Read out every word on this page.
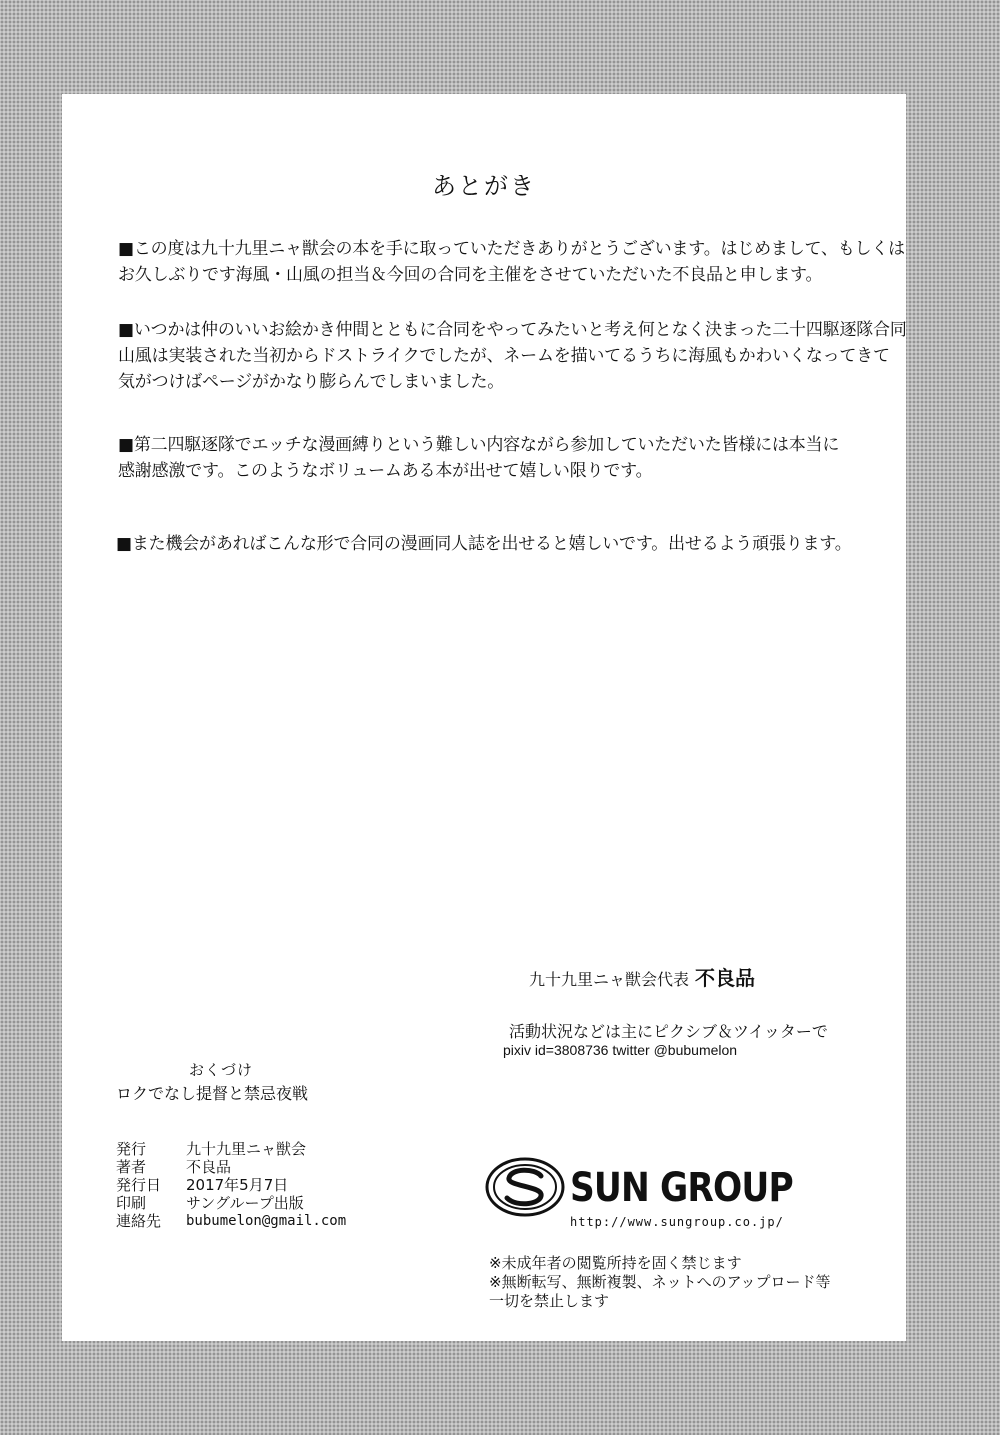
あとがき
■この度は九十九里ニャ獣会の本を手に取っていただきありがとうございます。はじめまして、もしくは
お久しぶりです海風・山風の担当＆今回の合同を主催をさせていただいた不良品と申します。
■いつかは仲のいいお絵かき仲間とともに合同をやってみたいと考え何となく決まった二十四駆逐隊合同
山風は実装された当初からドストライクでしたが、ネームを描いてるうちに海風もかわいくなってきて
気がつけばページがかなり膨らんでしまいました。
■第二四駆逐隊でエッチな漫画縛りという難しい内容ながら参加していただいた皆様には本当に
感謝感激です。このようなボリュームある本が出せて嬉しい限りです。
■また機会があればこんな形で合同の漫画同人誌を出せると嬉しいです。出せるよう頑張ります。
九十九里ニャ獣会代表 不良品
活動状況などは主にピクシブ＆ツイッターで
pixiv id=3808736 twitter @bubumelon
おくづけ
ロクでなし提督と禁忌夜戦
発行	九十九里ニャ獣会
著者	不良品
発行日	2017年5月7日
印刷	サングループ出版
連絡先	bubumelon@gmail.com
SUN GROUP
http://www.sungroup.co.jp/
※未成年者の閲覧所持を固く禁じます
※無断転写、無断複製、ネットへのアップロード等
一切を禁止します
